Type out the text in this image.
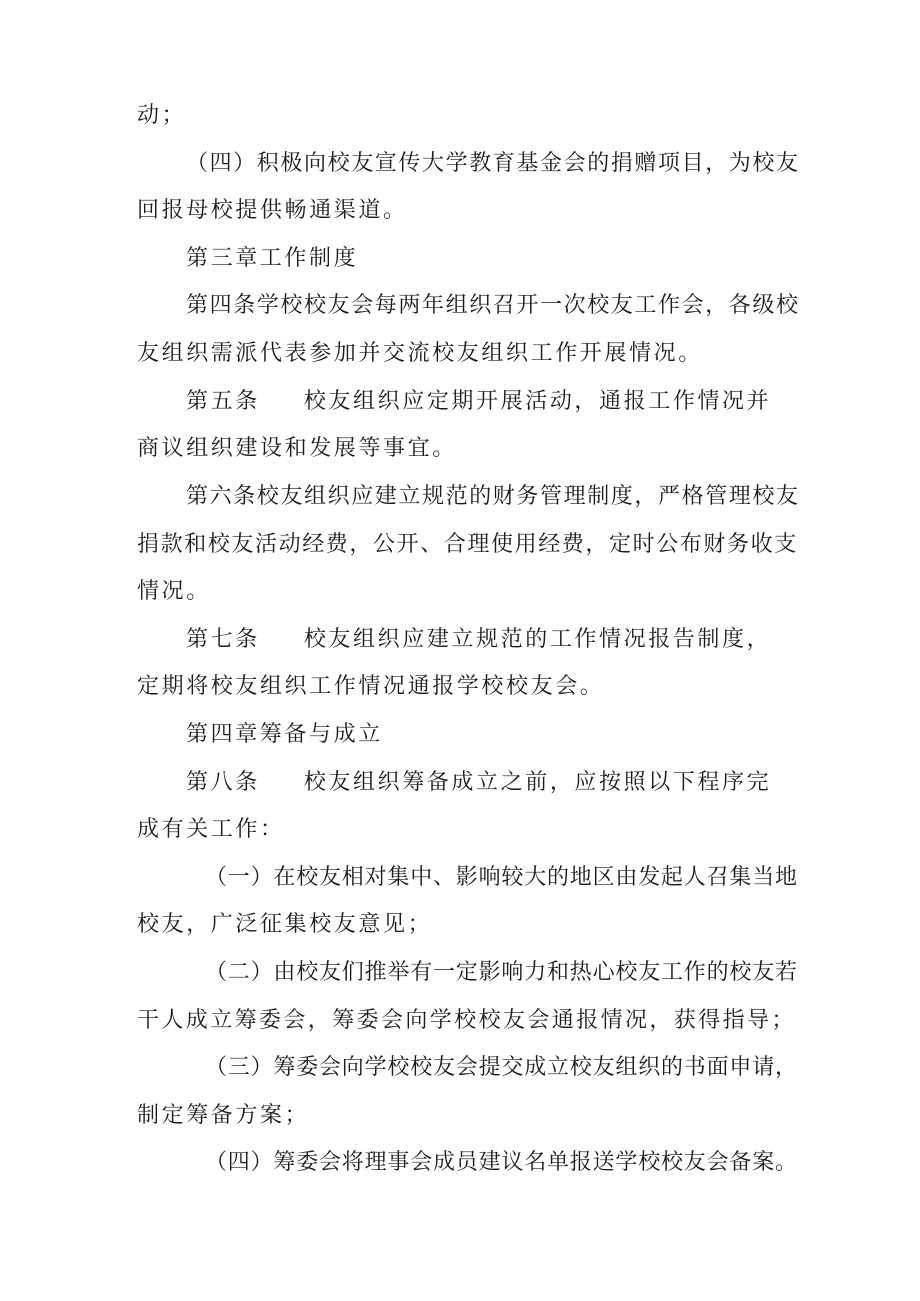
动；
（四）积极向校友宣传大学教育基金会的捐赠项目，为校友
回报母校提供畅通渠道。
第三章工作制度
第四条学校校友会每两年组织召开一次校友工作会，各级校
友组织需派代表参加并交流校友组织工作开展情况。
第五条 校友组织应定期开展活动，通报工作情况并
商议组织建设和发展等事宜。
第六条校友组织应建立规范的财务管理制度，严格管理校友
捐款和校友活动经费，公开、合理使用经费，定时公布财务收支
情况。
第七条 校友组织应建立规范的工作情况报告制度，
定期将校友组织工作情况通报学校校友会。
第四章筹备与成立
第八条 校友组织筹备成立之前，应按照以下程序完
成有关工作：
（一）在校友相对集中、影响较大的地区由发起人召集当地
校友，广泛征集校友意见；
（二）由校友们推举有一定影响力和热心校友工作的校友若
干人成立筹委会，筹委会向学校校友会通报情况，获得指导；
（三）筹委会向学校校友会提交成立校友组织的书面申请，
制定筹备方案；
（四）筹委会将理事会成员建议名单报送学校校友会备案。
